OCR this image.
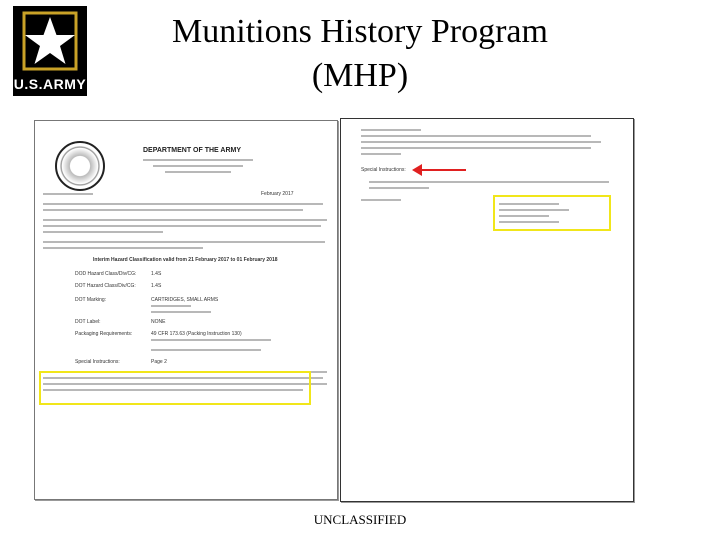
U.S.ARMY
Munitions History Program
(MHP)
DEPARTMENT OF THE ARMY
February 2017
Interim Hazard Classification valid from 21 February 2017 to 01 February 2018
DOD Hazard Class/Div/CG:	1.4S
DOT Hazard Class/Div/CG:	1.4S
DOT Marking:	CARTRIDGES, SMALL ARMS
DOT Label:	NONE
Packaging Requirements:	49 CFR 173.63 (Packing Instruction 130)
Special Instructions:	Page 2
Special Instructions:
UNCLASSIFIED
